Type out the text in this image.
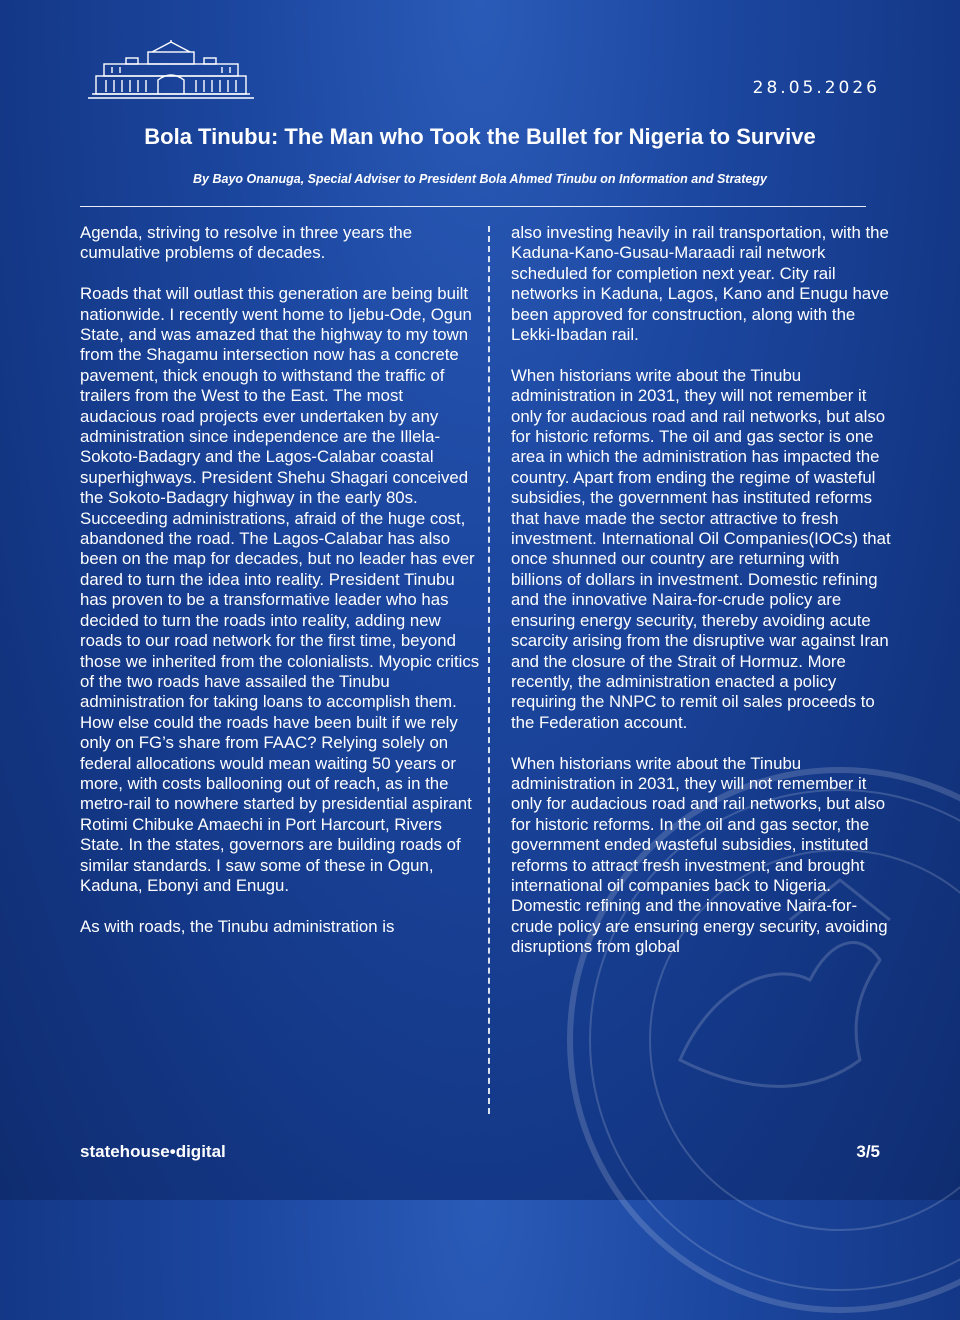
28.05.2026
Bola Tinubu: The Man who Took the Bullet for Nigeria to Survive
By Bayo Onanuga, Special Adviser to President Bola Ahmed Tinubu on Information and Strategy

Agenda, striving to resolve in three years the cumulative problems of decades.

Roads that will outlast this generation are being built nationwide. I recently went home to Ijebu-Ode, Ogun State, and was amazed that the highway to my town from the Shagamu intersection now has a concrete pavement, thick enough to withstand the traffic of trailers from the West to the East. The most audacious road projects ever undertaken by any administration since independence are the Illela-Sokoto-Badagry and the Lagos-Calabar coastal superhighways. President Shehu Shagari conceived the Sokoto-Badagry highway in the early 80s. Succeeding administrations, afraid of the huge cost, abandoned the road. The Lagos-Calabar has also been on the map for decades, but no leader has ever dared to turn the idea into reality. President Tinubu has proven to be a transformative leader who has decided to turn the roads into reality, adding new roads to our road network for the first time, beyond those we inherited from the colonialists. Myopic critics of the two roads have assailed the Tinubu administration for taking loans to accomplish them. How else could the roads have been built if we rely only on FG’s share from FAAC? Relying solely on federal allocations would mean waiting 50 years or more, with costs ballooning out of reach, as in the metro-rail to nowhere started by presidential aspirant Rotimi Chibuke Amaechi in Port Harcourt, Rivers State. In the states, governors are building roads of similar standards. I saw some of these in Ogun, Kaduna, Ebonyi and Enugu.

As with roads, the Tinubu administration is

also investing heavily in rail transportation, with the Kaduna-Kano-Gusau-Maraadi rail network scheduled for completion next year. City rail networks in Kaduna, Lagos, Kano and Enugu have been approved for construction, along with the Lekki-Ibadan rail.

When historians write about the Tinubu administration in 2031, they will not remember it only for audacious road and rail networks, but also for historic reforms. The oil and gas sector is one area in which the administration has impacted the country. Apart from ending the regime of wasteful subsidies, the government has instituted reforms that have made the sector attractive to fresh investment. International Oil Companies(IOCs) that once shunned our country are returning with billions of dollars in investment. Domestic refining and the innovative Naira-for-crude policy are ensuring energy security, thereby avoiding acute scarcity arising from the disruptive war against Iran and the closure of the Strait of Hormuz. More recently, the administration enacted a policy requiring the NNPC to remit oil sales proceeds to the Federation account.

When historians write about the Tinubu administration in 2031, they will not remember it only for audacious road and rail networks, but also for historic reforms. In the oil and gas sector, the government ended wasteful subsidies, instituted reforms to attract fresh investment, and brought international oil companies back to Nigeria. Domestic refining and the innovative Naira-for-crude policy are ensuring energy security, avoiding disruptions from global

statehouse•digital	3/5
